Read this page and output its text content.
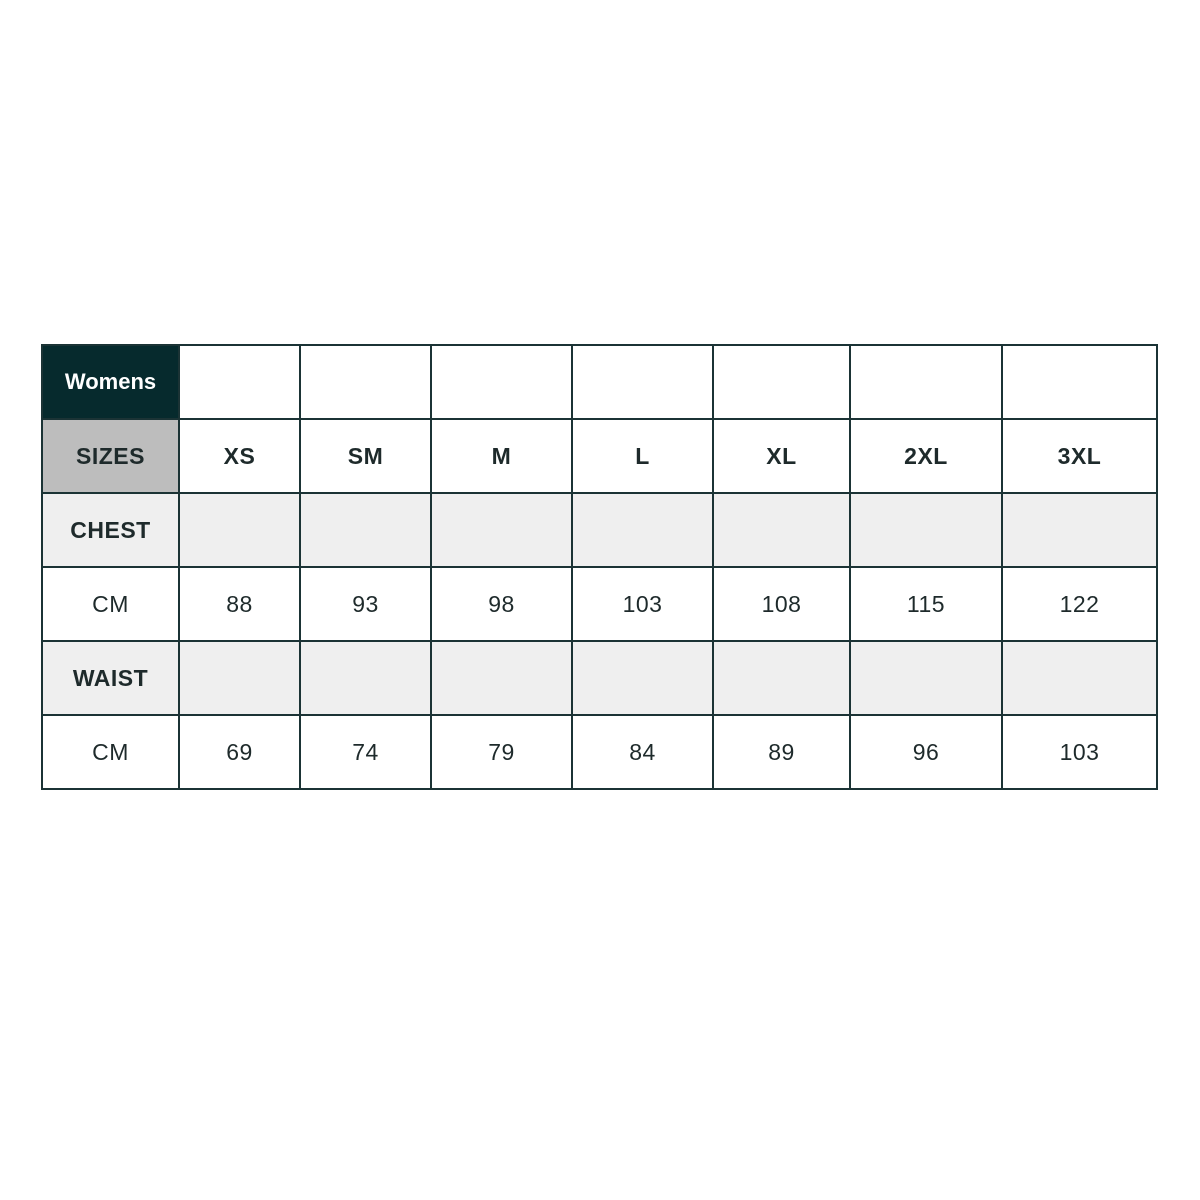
Womens							
SIZES	XS	SM	M	L	XL	2XL	3XL
CHEST							
CM	88	93	98	103	108	115	122
WAIST							
CM	69	74	79	84	89	96	103
